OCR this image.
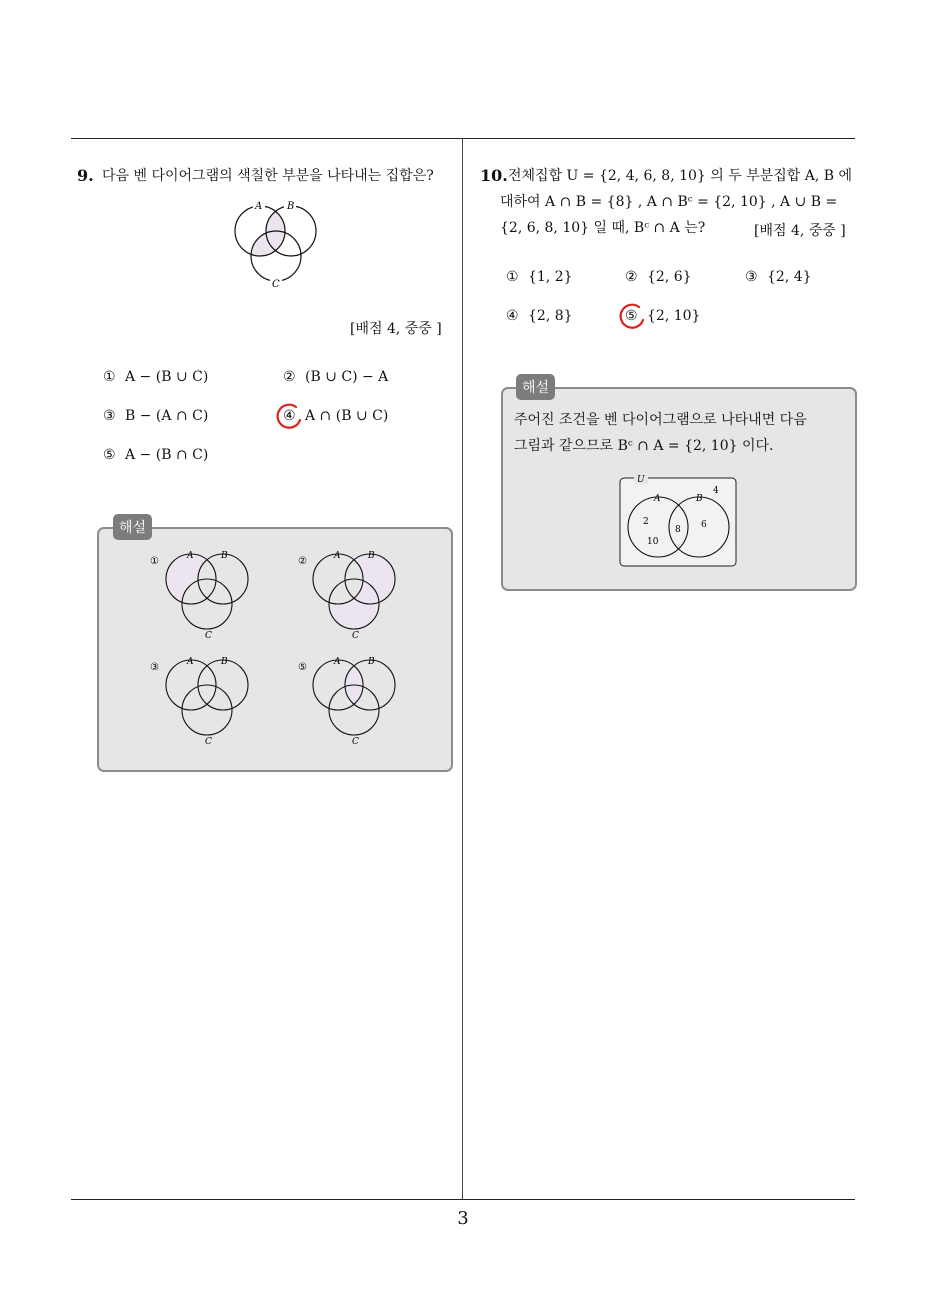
3
9. 다음 벤 다이어그램의 색칠한 부분을 나타내는 집합은?
A B
C
[배점 4, 중중 ]
① A − (B ∪ C)	② (B ∪ C) − A
③ B − (A ∩ C)	④ A ∩ (B ∪ C)
⑤ A − (B ∩ C)
해설
①	A	B
C
②	A	B
C
③	A	B
C
⑤	A	B
C
10. 전체집합 U = {2, 4, 6, 8, 10} 의 두 부분집합 A, B 에
대하여 A ∩ B = {8} , A ∩ Bᶜ = {2, 10} , A ∪ B =
{2, 6, 8, 10} 일 때, Bᶜ ∩ A 는?	[배점 4, 중중 ]
① {1, 2}	② {2, 6}	③ {2, 4}
④ {2, 8}	⑤ {2, 10}
해설
주어진 조건을 벤 다이어그램으로 나타내면 다음
그림과 같으므로 Bᶜ ∩ A = {2, 10} 이다.
U
A	B
4
2
10
8 6
